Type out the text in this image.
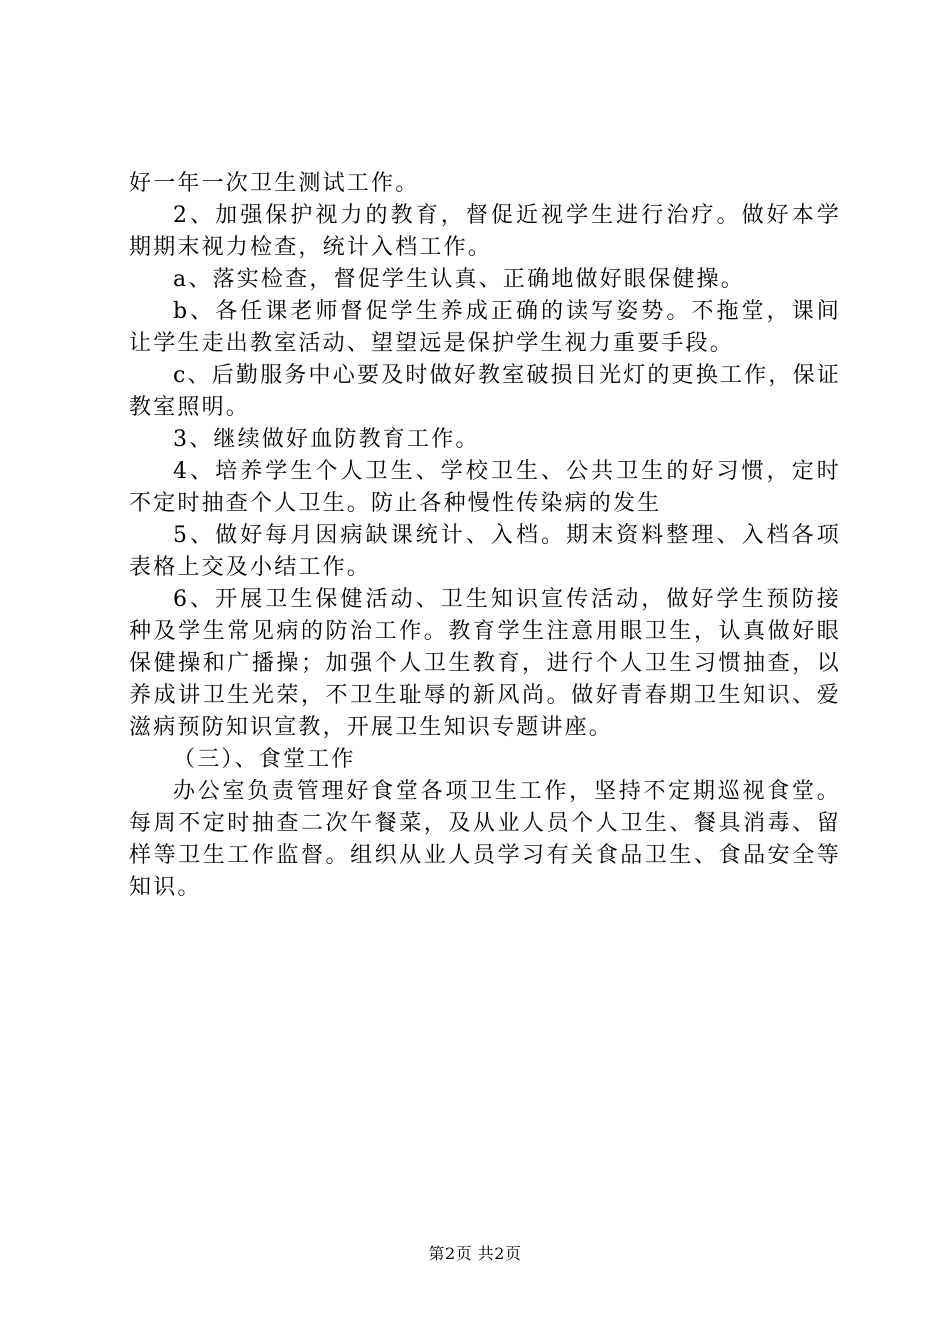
好一年一次卫生测试工作。

2、加强保护视力的教育，督促近视学生进行治疗。做好本学期期末视力检查，统计入档工作。

a、落实检查，督促学生认真、正确地做好眼保健操。

b、各任课老师督促学生养成正确的读写姿势。不拖堂，课间让学生走出教室活动、望望远是保护学生视力重要手段。

c、后勤服务中心要及时做好教室破损日光灯的更换工作，保证教室照明。

3、继续做好血防教育工作。

4、培养学生个人卫生、学校卫生、公共卫生的好习惯，定时不定时抽查个人卫生。防止各种慢性传染病的发生

5、做好每月因病缺课统计、入档。期末资料整理、入档各项表格上交及小结工作。

6、开展卫生保健活动、卫生知识宣传活动，做好学生预防接种及学生常见病的防治工作。教育学生注意用眼卫生，认真做好眼保健操和广播操；加强个人卫生教育，进行个人卫生习惯抽查，以养成讲卫生光荣，不卫生耻辱的新风尚。做好青春期卫生知识、爱滋病预防知识宣教，开展卫生知识专题讲座。

（三）、食堂工作

办公室负责管理好食堂各项卫生工作，坚持不定期巡视食堂。每周不定时抽查二次午餐菜，及从业人员个人卫生、餐具消毒、留样等卫生工作监督。组织从业人员学习有关食品卫生、食品安全等知识。

第2页 共2页
